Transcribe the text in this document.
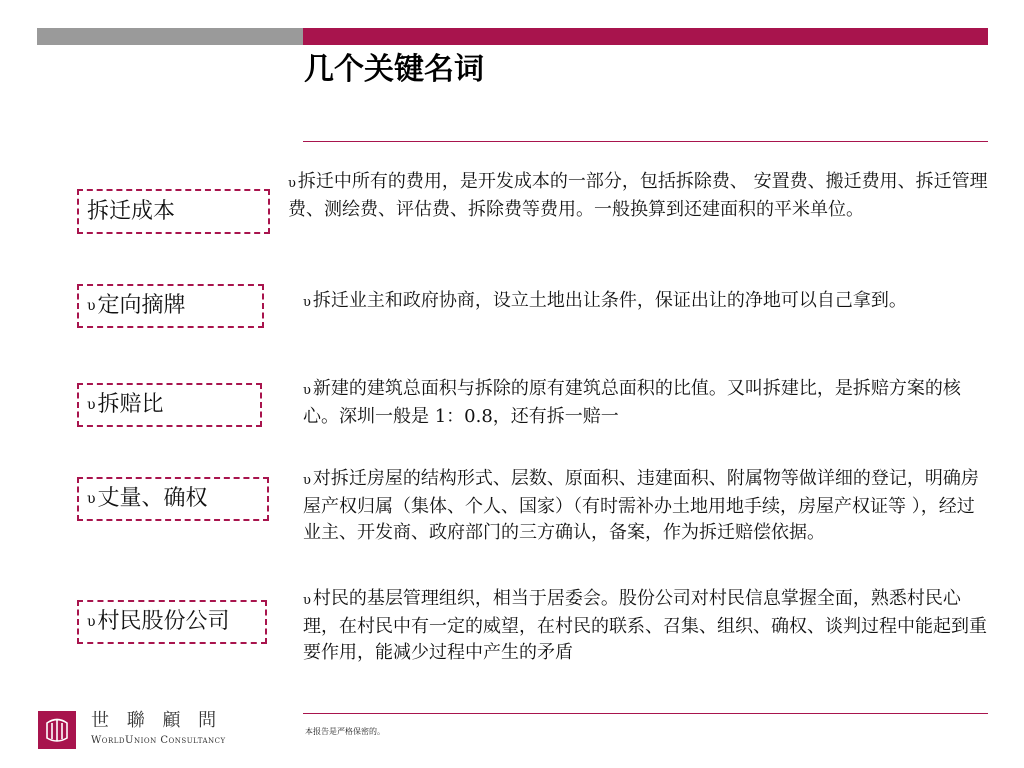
几个关键名词
拆迁成本

υ 拆迁中所有的费用，是开发成本的一部分，包括拆除费、 安置费、搬迁费用、拆迁管理费、测绘费、评估费、拆除费等费用。一般换算到还建面积的平米单位。

υ 定向摘牌	υ 拆迁业主和政府协商，设立土地出让条件，保证出让的净地可以自己拿到。

υ 拆赔比

υ 新建的建筑总面积与拆除的原有建筑总面积的比值。又叫拆建比，是拆赔方案的核心。深圳一般是 1：0.8，还有拆一赔一

υ 丈量、确权

υ 对拆迁房屋的结构形式、层数、原面积、违建面积、附属物等做详细的登记，明确房屋产权归属（集体、个人、国家）（有时需补办土地用地手续，房屋产权证等 ），经过业主、开发商、政府部门的三方确认，备案，作为拆迁赔偿依据。

υ 村民股份公司

υ 村民的基层管理组织，相当于居委会。股份公司对村民信息掌握全面，熟悉村民心理，在村民中有一定的威望，在村民的联系、召集、组织、确权、谈判过程中能起到重要作用，能减少过程中产生的矛盾

本报告是严格保密的。
世 聯 顧 問
WorldUnion Consultancy
